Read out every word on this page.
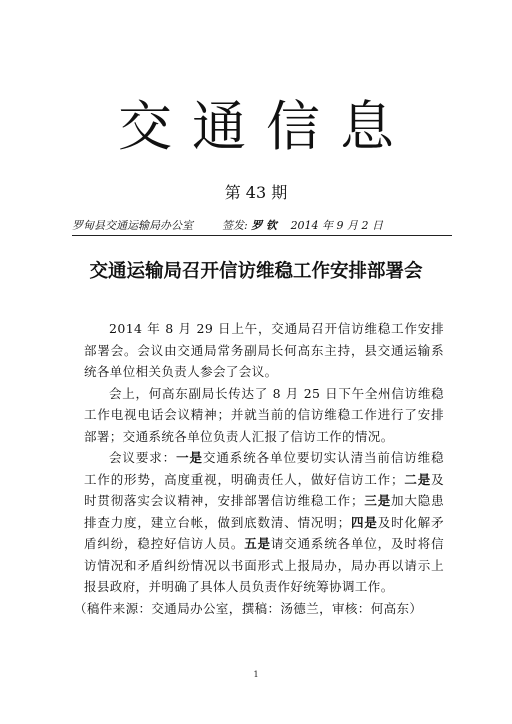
交通信息
第 43 期
罗甸县交通运输局办公室	签发: 罗 钦 2014 年 9 月 2 日
交通运输局召开信访维稳工作安排部署会

2014 年 8 月 29 日上午，交通局召开信访维稳工作安排部署会。会议由交通局常务副局长何高东主持，县交通运输系统各单位相关负责人参会了会议。

会上，何高东副局长传达了 8 月 25 日下午全州信访维稳工作电视电话会议精神；并就当前的信访维稳工作进行了安排部署；交通系统各单位负责人汇报了信访工作的情况。

会议要求：一是交通系统各单位要切实认清当前信访维稳工作的形势，高度重视，明确责任人，做好信访工作；二是及时贯彻落实会议精神，安排部署信访维稳工作；三是加大隐患排查力度，建立台帐，做到底数清、情况明；四是及时化解矛盾纠纷，稳控好信访人员。五是请交通系统各单位，及时将信访情况和矛盾纠纷情况以书面形式上报局办，局办再以请示上报县政府，并明确了具体人员负责作好统筹协调工作。

（稿件来源：交通局办公室，撰稿：汤德兰，审核：何高东）

1
